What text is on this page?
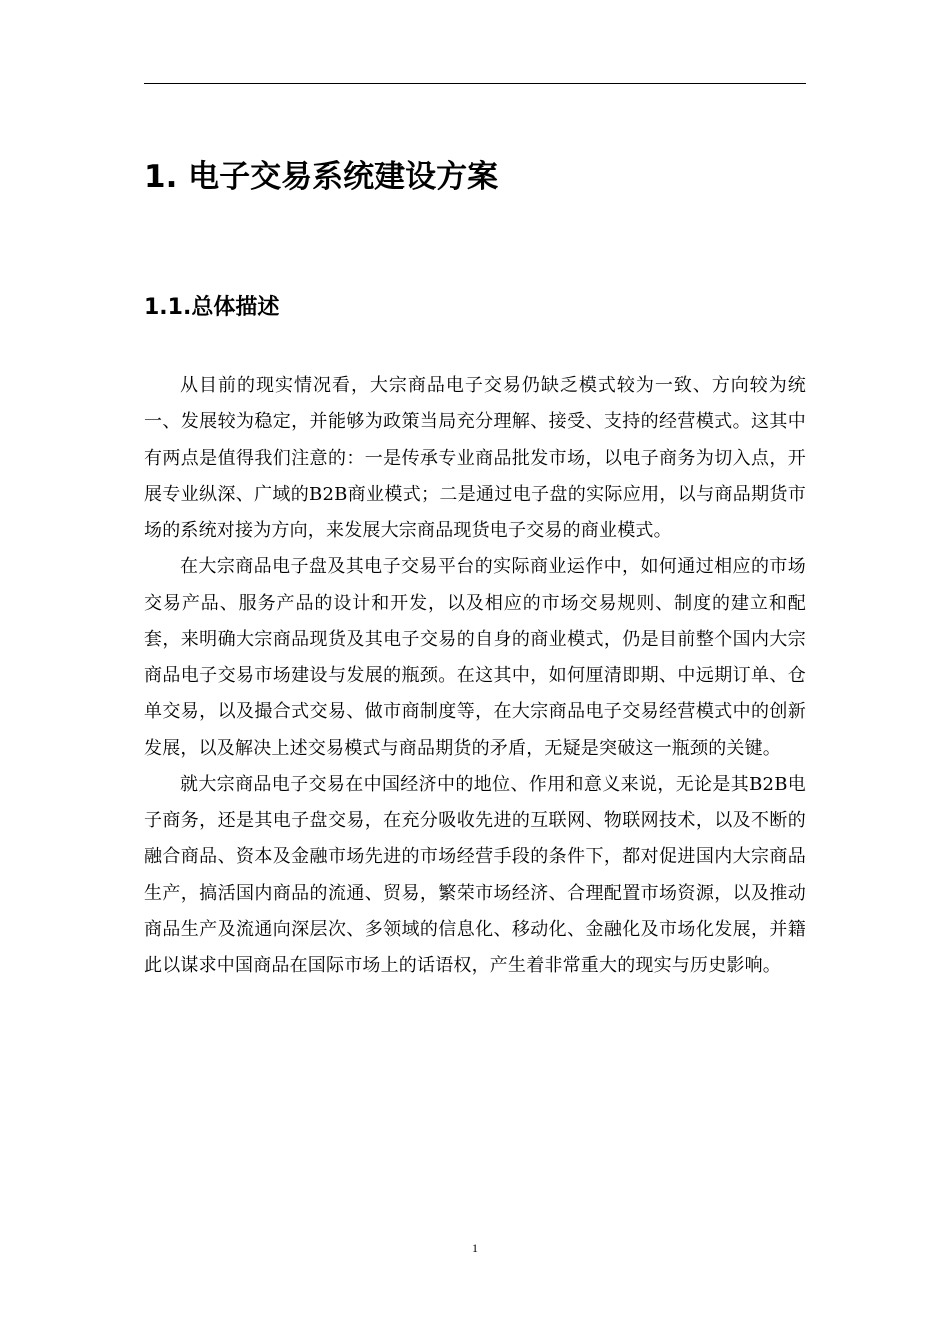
1. 电子交易系统建设方案
1.1.总体描述

从目前的现实情况看，大宗商品电子交易仍缺乏模式较为一致、方向较为统一、发展较为稳定，并能够为政策当局充分理解、接受、支持的经营模式。这其中有两点是值得我们注意的：一是传承专业商品批发市场，以电子商务为切入点，开展专业纵深、广域的B2B商业模式；二是通过电子盘的实际应用，以与商品期货市场的系统对接为方向，来发展大宗商品现货电子交易的商业模式。

在大宗商品电子盘及其电子交易平台的实际商业运作中，如何通过相应的市场交易产品、服务产品的设计和开发，以及相应的市场交易规则、制度的建立和配套，来明确大宗商品现货及其电子交易的自身的商业模式，仍是目前整个国内大宗商品电子交易市场建设与发展的瓶颈。在这其中，如何厘清即期、中远期订单、仓单交易，以及撮合式交易、做市商制度等，在大宗商品电子交易经营模式中的创新发展，以及解决上述交易模式与商品期货的矛盾，无疑是突破这一瓶颈的关键。

就大宗商品电子交易在中国经济中的地位、作用和意义来说，无论是其B2B电子商务，还是其电子盘交易，在充分吸收先进的互联网、物联网技术，以及不断的融合商品、资本及金融市场先进的市场经营手段的条件下，都对促进国内大宗商品生产，搞活国内商品的流通、贸易，繁荣市场经济、合理配置市场资源，以及推动商品生产及流通向深层次、多领域的信息化、移动化、金融化及市场化发展，并籍此以谋求中国商品在国际市场上的话语权，产生着非常重大的现实与历史影响。

1
